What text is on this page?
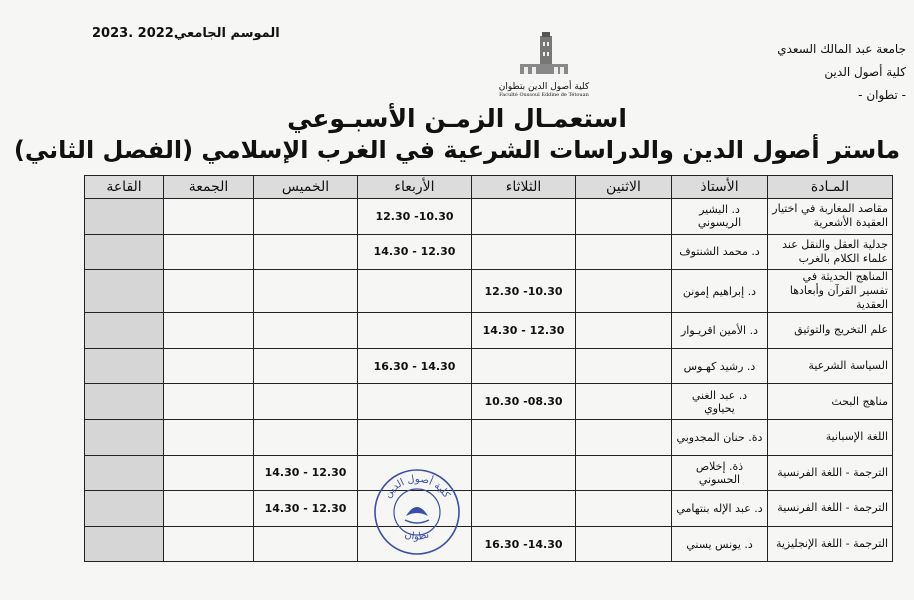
جامعة عبد المالك السعدي
كلية أصول الدين
- تطوان -
الموسم الجامعي2022 .2023
كلية أصول الدين بتطوان
Faculté Oussoul Eddine de Tétouan
استعمـال الزمـن الأسبـوعي
ماستر أصول الدين والدراسات الشرعية في الغرب الإسلامي (الفصل الثاني)
المـادة	الأستاذ	الاثنين	الثلاثاء	الأربعاء	الخميس	الجمعة	القاعة
مقاصد المغاربة في اختيار العقيدة الأشعرية	د. البشير الريسوني			10.30- 12.30			
جدلية العقل والنقل عند علماء الكلام بالغرب	د. محمد الشنتوف			12.30 - 14.30			
المناهج الحديثة في تفسير القرآن وأبعادها العقدية	د. إبراهيم إمونن		10.30- 12.30				
علم التخريج والتوثيق	د. الأمين اقريـوار		12.30 - 14.30				
السياسة الشرعية	د. رشيد كهـوس			14.30 - 16.30			
مناهج البحث	د. عبد الغني يحياوي		08.30- 10.30				
اللغة الإسبانية	دة. حنان المجدوبي						
الترجمة - اللغة الفرنسية	ذة. إخلاص الحسوني				12.30 - 14.30		
الترجمة - اللغة الفرنسية	د. عبد الإله بنتهامي				12.30 - 14.30		
الترجمة - اللغة الإنجليزية	د. يونس يسني		14.30- 16.30				
كلية أصول الدين
تطوان
